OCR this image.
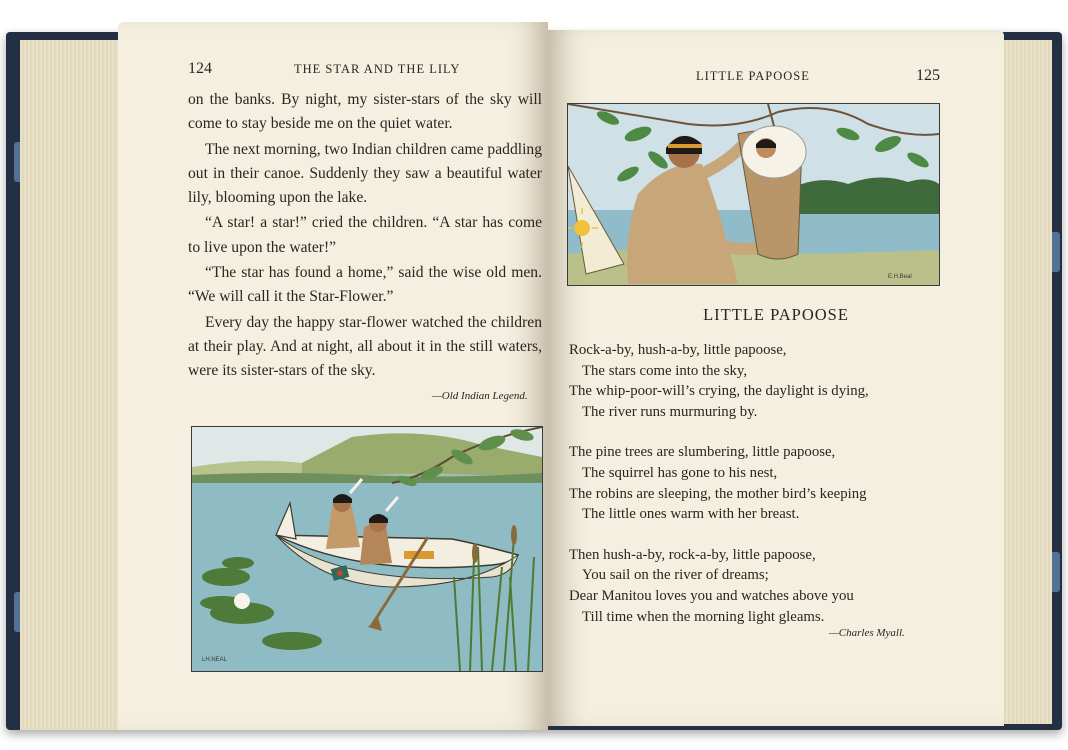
124	THE STAR AND THE LILY

on the banks. By night, my sister-stars of the sky will come to stay beside me on the quiet water.

The next morning, two Indian children came paddling out in their canoe. Suddenly they saw a beautiful water lily, blooming upon the lake.

“A star! a star!” cried the children. “A star has come to live upon the water!”

“The star has found a home,” said the wise old men. “We will call it the Star-Flower.”

Every day the happy star-flower watched the children at their play. And at night, all about it in the still waters, were its sister-stars of the sky.

—Old Indian Legend.
LH.NEAL
LITTLE PAPOOSE	125
E.H.Beal
LITTLE PAPOOSE
Rock-a-by, hush-a-by, little papoose,
The stars come into the sky,
The whip-poor-will’s crying, the daylight is dying,
The river runs murmuring by.
The pine trees are slumbering, little papoose,
The squirrel has gone to his nest,
The robins are sleeping, the mother bird’s keeping
The little ones warm with her breast.
Then hush-a-by, rock-a-by, little papoose,
You sail on the river of dreams;
Dear Manitou loves you and watches above you
Till time when the morning light gleams.
—Charles Myall.
